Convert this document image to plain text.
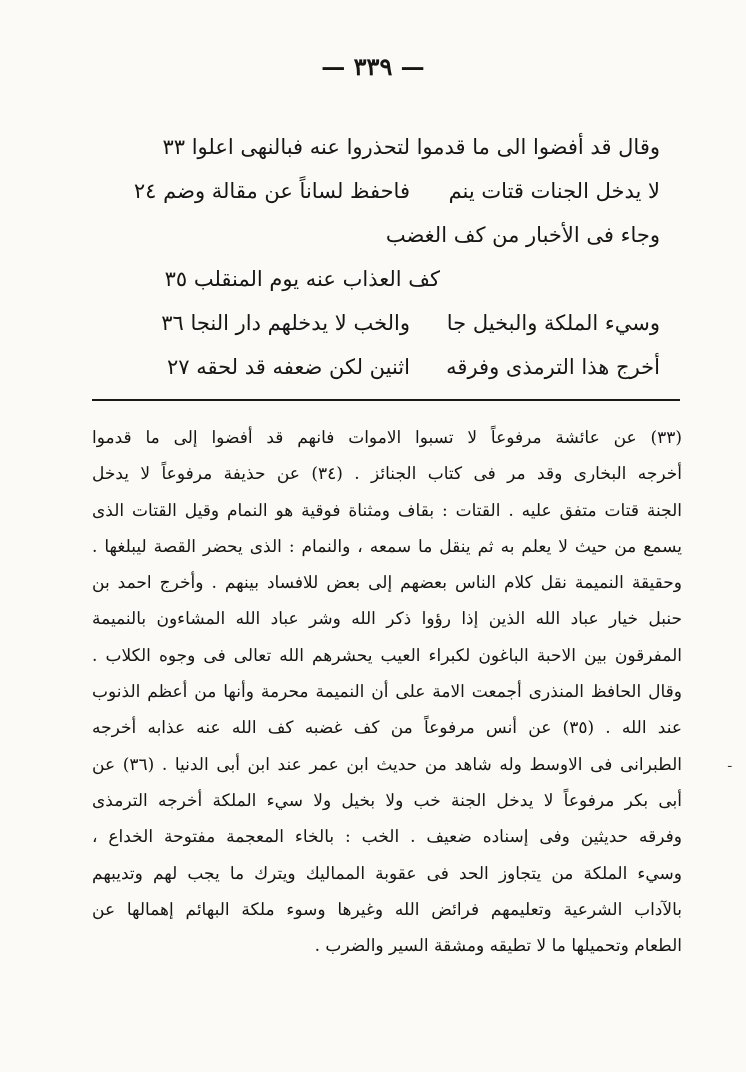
— ٣٣٩ —
وقال قد أفضوا الى ما قدموا
لتحذروا عنه فبالنهى اعلوا ٣٣
لا يدخل الجنات قتات ينم
فاحفظ لساناً عن مقالة وضم ٢٤
وجاء فى الأخبار من كف الغضب
كف العذاب عنه يوم المنقلب ٣٥
وسيء الملكة والبخيل جا
والخب لا يدخلهم دار النجا ٣٦
أخرج هذا الترمذى وفرقه
اثنين لكن ضعفه قد لحقه ٢٧
(٣٣) عن عائشة مرفوعاً لا تسبوا الاموات فانهم قد أفضوا إلى ما قدموا
أخرجه البخارى وقد مر فى كتاب الجنائز . (٣٤) عن حذيفة مرفوعاً لا يدخل
الجنة قتات متفق عليه . القتات : بقاف ومثناة فوقية هو النمام وقيل القتات الذى
يسمع من حيث لا يعلم به ثم ينقل ما سمعه ، والنمام : الذى يحضر القصة ليبلغها .
وحقيقة النميمة نقل كلام الناس بعضهم إلى بعض للافساد بينهم . وأخرج احمد بن
حنبل خيار عباد الله الذين إذا رؤوا ذكر الله وشر عباد الله المشاءون بالنميمة
المفرقون بين الاحبة الباغون لكبراء العيب يحشرهم الله تعالى فى وجوه الكلاب .
وقال الحافظ المنذرى أجمعت الامة على أن النميمة محرمة وأنها من أعظم الذنوب
عند الله . (٣٥) عن أنس مرفوعاً من كف غضبه كف الله عنه عذابه أخرجه
الطبرانى فى الاوسط وله شاهد من حديث ابن عمر عند ابن أبى الدنيا . (٣٦) عن
أبى بكر مرفوعاً لا يدخل الجنة خب ولا بخيل ولا سيء الملكة أخرجه الترمذى
وفرقه حديثين وفى إسناده ضعيف . الخب : بالخاء المعجمة مفتوحة الخداع ،
وسيء الملكة من يتجاوز الحد فى عقوبة المماليك ويترك ما يجب لهم وتديبهم
بالآداب الشرعية وتعليمهم فرائض الله وغيرها وسوء ملكة البهائم إهمالها عن
الطعام وتحميلها ما لا تطيقه ومشقة السير والضرب .
ـ
